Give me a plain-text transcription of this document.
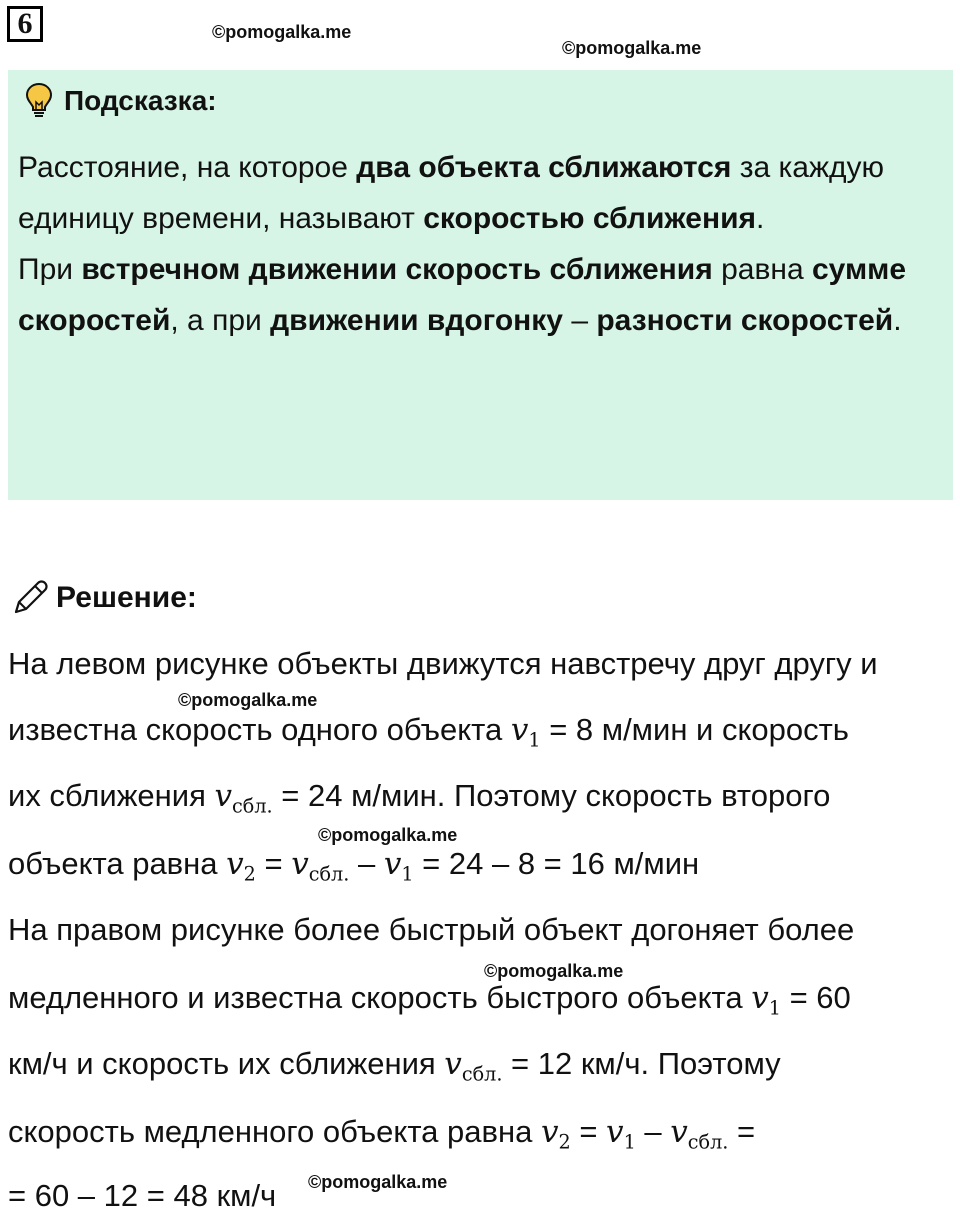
6	©pomogalka.me
©pomogalka.me
Подсказка:
Расстояние, на которое два объекта сближаются за каждую единицу времени, называют скоростью сближения.
При встречном движении скорость сближения равна сумме скоростей, а при движении вдогонку – разности скоростей.
Решение:
На левом рисунке объекты движутся навстречу друг другу и
©pomogalka.me
известна скорость одного объекта $v_1 = 8$ м/мин и скорость
их сближения $v_{сбл.} = 24$ м/мин. Поэтому скорость второго
©pomogalka.me
объекта равна $v_2 = v_{сбл.} - v_1 = 24 - 8 = 16$ м/мин
На правом рисунке более быстрый объект догоняет более
©pomogalka.me
медленного и известна скорость быстрого объекта $v_1 = 60$
км/ч и скорость их сближения $v_{сбл.} = 12$ км/ч. Поэтому
скорость медленного объекта равна $v_2 = v_1 - v_{сбл.}$ =
= 60 – 12 = 48 км/ч ©pomogalka.me
